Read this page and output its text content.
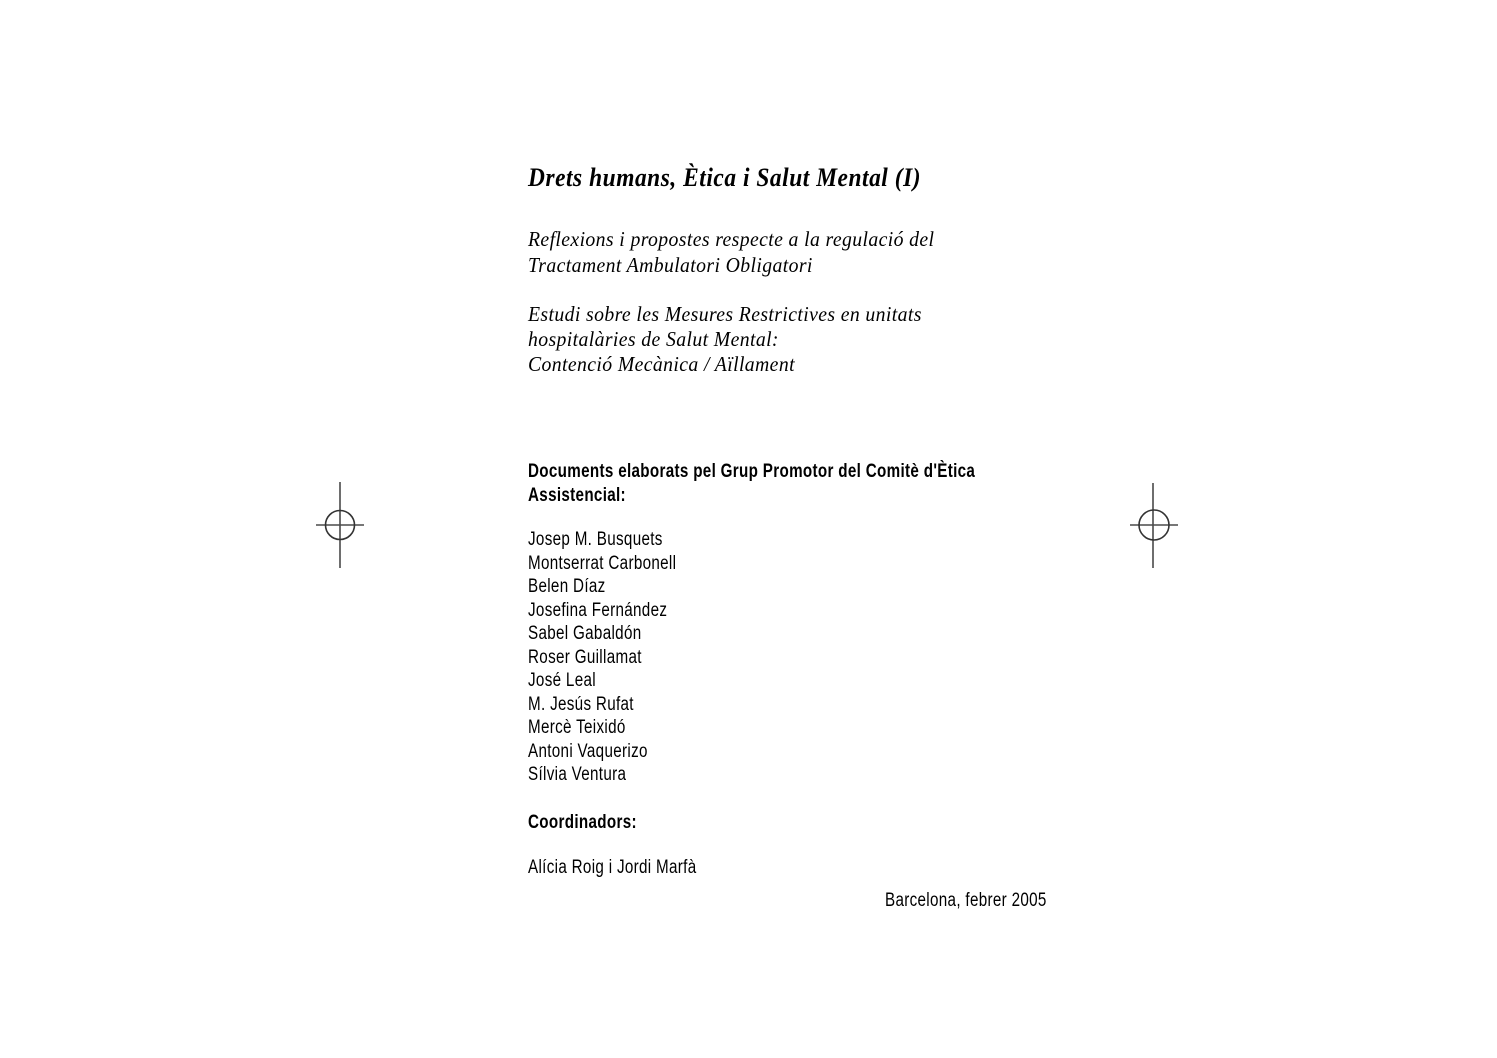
Drets humans, Ètica i Salut Mental (I)
Reflexions i propostes respecte a la regulació del
Tractament Ambulatori Obligatori
Estudi sobre les Mesures Restrictives en unitats
hospitalàries de Salut Mental:
Contenció Mecànica / Aïllament
Documents elaborats pel Grup Promotor del Comitè d'Ètica
Assistencial:
Josep M. Busquets
Montserrat Carbonell
Belen Díaz
Josefina Fernández
Sabel Gabaldón
Roser Guillamat
José Leal
M. Jesús Rufat
Mercè Teixidó
Antoni Vaquerizo
Sílvia Ventura
Coordinadors:
Alícia Roig i Jordi Marfà
Barcelona, febrer 2005
